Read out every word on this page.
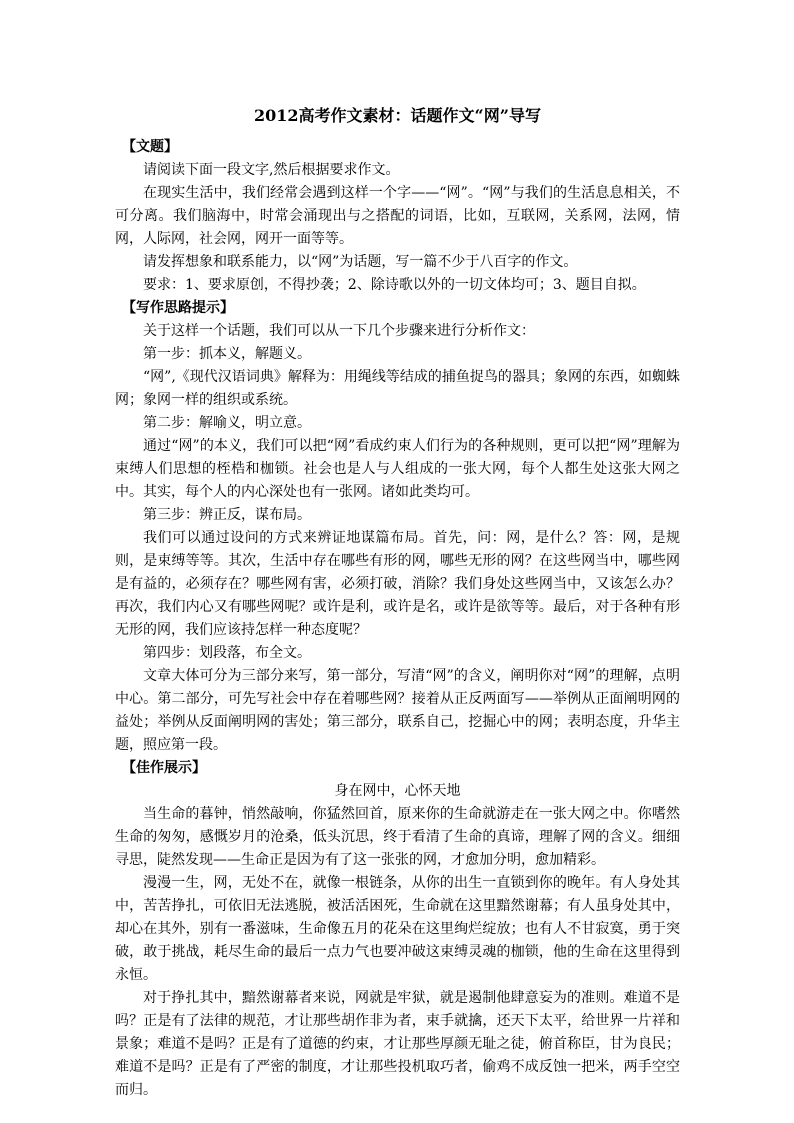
2012高考作文素材：话题作文“网”导写
【文题】

请阅读下面一段文字,然后根据要求作文。

在现实生活中，我们经常会遇到这样一个字——“网”。“网”与我们的生活息息相关，不可分离。我们脑海中，时常会涌现出与之搭配的词语，比如，互联网，关系网，法网，情网，人际网，社会网，网开一面等等。

请发挥想象和联系能力，以“网”为话题，写一篇不少于八百字的作文。

要求：1、要求原创，不得抄袭；2、除诗歌以外的一切文体均可；3、题目自拟。

【写作思路提示】

关于这样一个话题，我们可以从一下几个步骤来进行分析作文：

第一步：抓本义，解题义。

“网”,《现代汉语词典》解释为：用绳线等结成的捕鱼捉鸟的器具；象网的东西，如蜘蛛网；象网一样的组织或系统。

第二步：解喻义，明立意。

通过“网”的本义，我们可以把“网”看成约束人们行为的各种规则，更可以把“网”理解为束缚人们思想的桎梏和枷锁。社会也是人与人组成的一张大网，每个人都生处这张大网之中。其实，每个人的内心深处也有一张网。诸如此类均可。

第三步：辨正反，谋布局。

我们可以通过设问的方式来辨证地谋篇布局。首先，问：网，是什么？答：网，是规则，是束缚等等。其次，生活中存在哪些有形的网，哪些无形的网？在这些网当中，哪些网是有益的，必须存在？哪些网有害，必须打破，消除？我们身处这些网当中，又该怎么办？再次，我们内心又有哪些网呢？或许是利，或许是名，或许是欲等等。最后，对于各种有形无形的网，我们应该持怎样一种态度呢？

第四步：划段落，布全文。

文章大体可分为三部分来写，第一部分，写清“网”的含义，阐明你对“网”的理解，点明中心。第二部分，可先写社会中存在着哪些网？接着从正反两面写——举例从正面阐明网的益处；举例从反面阐明网的害处；第三部分，联系自己，挖掘心中的网；表明态度，升华主题，照应第一段。

【佳作展示】
身在网中，心怀天地

当生命的暮钟，悄然敲响，你猛然回首，原来你的生命就游走在一张大网之中。你嗜然生命的匆匆，感慨岁月的沧桑，低头沉思，终于看清了生命的真谛，理解了网的含义。细细寻思，陡然发现——生命正是因为有了这一张张的网，才愈加分明，愈加精彩。

漫漫一生，网，无处不在，就像一根链条，从你的出生一直锁到你的晚年。有人身处其中，苦苦挣扎，可依旧无法逃脱，被活活困死，生命就在这里黯然谢幕；有人虽身处其中，却心在其外，别有一番滋味，生命像五月的花朵在这里绚烂绽放；也有人不甘寂寞，勇于突破，敢于挑战，耗尽生命的最后一点力气也要冲破这束缚灵魂的枷锁，他的生命在这里得到永恒。

对于挣扎其中，黯然谢幕者来说，网就是牢狱，就是遏制他肆意妄为的准则。难道不是吗？正是有了法律的规范，才让那些胡作非为者，束手就擒，还天下太平，给世界一片祥和景象；难道不是吗？正是有了道德的约束，才让那些厚颜无耻之徒，俯首称臣，甘为良民；难道不是吗？正是有了严密的制度，才让那些投机取巧者，偷鸡不成反蚀一把米，两手空空而归。
